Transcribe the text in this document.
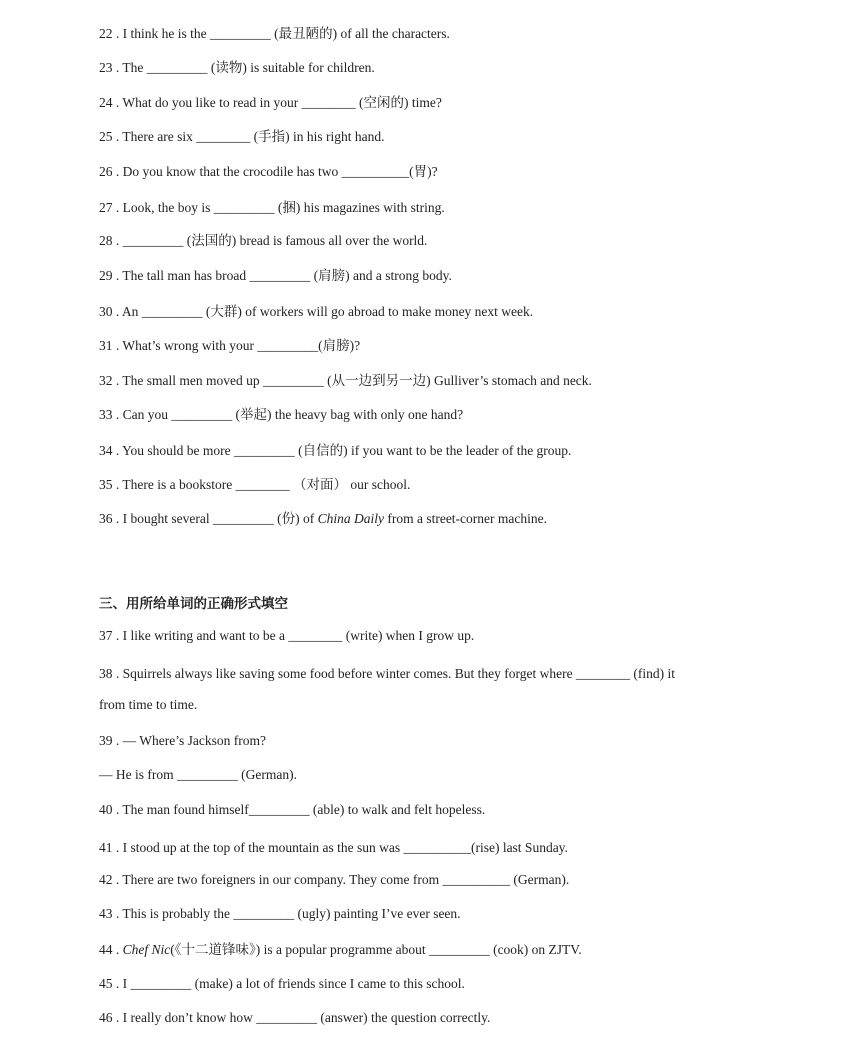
22 . I think he is the _________ (最丑陋的) of all the characters.
23 . The _________ (读物) is suitable for children.
24 . What do you like to read in your ________ (空闲的) time?
25 . There are six ________ (手指) in his right hand.
26 . Do you know that the crocodile has two __________(胃)?
27 . Look, the boy is _________ (捆) his magazines with string.
28 . _________ (法国的) bread is famous all over the world.
29 . The tall man has broad _________ (肩膀) and a strong body.
30 . An _________ (大群) of workers will go abroad to make money next week.
31 . What’s wrong with your _________(肩膀)?
32 . The small men moved up _________ (从一边到另一边) Gulliver’s stomach and neck.
33 . Can you _________ (举起) the heavy bag with only one hand?
34 . You should be more _________ (自信的) if you want to be the leader of the group.
35 . There is a bookstore ________ （对面） our school.
36 . I bought several _________ (份) of China Daily from a street-corner machine.
三、用所给单词的正确形式填空
37 . I like writing and want to be a ________ (write) when I grow up.
38 . Squirrels always like saving some food before winter comes. But they forget where ________ (find) it
from time to time.
39 . — Where’s Jackson from?
— He is from _________ (German).
40 . The man found himself_________ (able) to walk and felt hopeless.
41 . I stood up at the top of the mountain as the sun was __________(rise) last Sunday.
42 . There are two foreigners in our company. They come from __________ (German).
43 . This is probably the _________ (ugly) painting I’ve ever seen.
44 . Chef Nic(《十二道锋味》) is a popular programme about _________ (cook) on ZJTV.
45 . I _________ (make) a lot of friends since I came to this school.
46 . I really don’t know how _________ (answer) the question correctly.
